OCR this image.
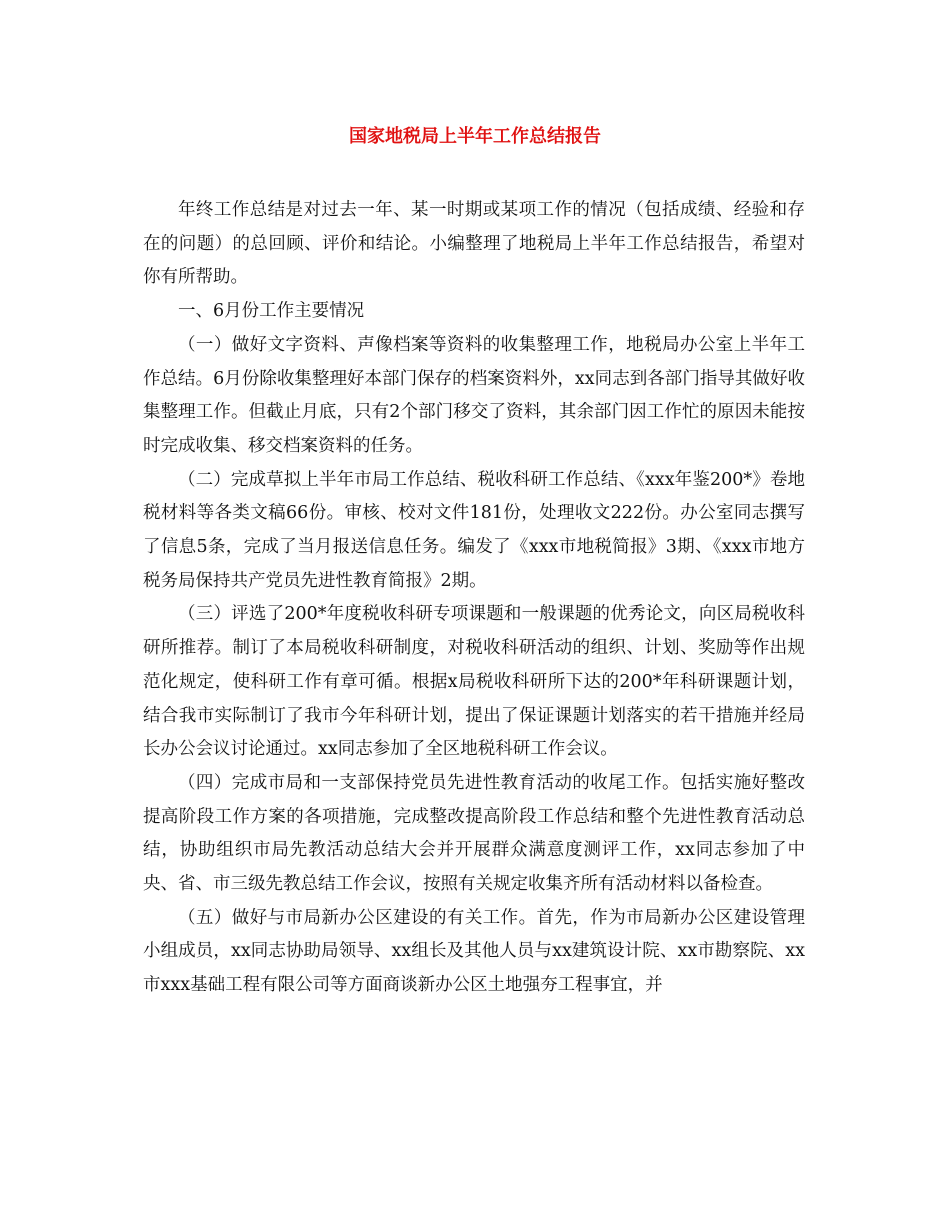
国家地税局上半年工作总结报告

年终工作总结是对过去一年、某一时期或某项工作的情况（包括成绩、经验和存在的问题）的总回顾、评价和结论。小编整理了地税局上半年工作总结报告，希望对你有所帮助。

一、6月份工作主要情况

（一）做好文字资料、声像档案等资料的收集整理工作，地税局办公室上半年工作总结。6月份除收集整理好本部门保存的档案资料外，xx同志到各部门指导其做好收集整理工作。但截止月底，只有2个部门移交了资料，其余部门因工作忙的原因未能按时完成收集、移交档案资料的任务。

（二）完成草拟上半年市局工作总结、税收科研工作总结、《xxx年鉴200*》卷地税材料等各类文稿66份。审核、校对文件181份，处理收文222份。办公室同志撰写了信息5条，完成了当月报送信息任务。编发了《xxx市地税简报》3期、《xxx市地方税务局保持共产党员先进性教育简报》2期。

（三）评选了200*年度税收科研专项课题和一般课题的优秀论文，向区局税收科研所推荐。制订了本局税收科研制度，对税收科研活动的组织、计划、奖励等作出规范化规定，使科研工作有章可循。根据x局税收科研所下达的200*年科研课题计划，结合我市实际制订了我市今年科研计划，提出了保证课题计划落实的若干措施并经局长办公会议讨论通过。xx同志参加了全区地税科研工作会议。

（四）完成市局和一支部保持党员先进性教育活动的收尾工作。包括实施好整改提高阶段工作方案的各项措施，完成整改提高阶段工作总结和整个先进性教育活动总结，协助组织市局先教活动总结大会并开展群众满意度测评工作，xx同志参加了中央、省、市三级先教总结工作会议，按照有关规定收集齐所有活动材料以备检查。

（五）做好与市局新办公区建设的有关工作。首先，作为市局新办公区建设管理小组成员，xx同志协助局领导、xx组长及其他人员与xx建筑设计院、xx市勘察院、xx市xxx基础工程有限公司等方面商谈新办公区土地强夯工程事宜，并
